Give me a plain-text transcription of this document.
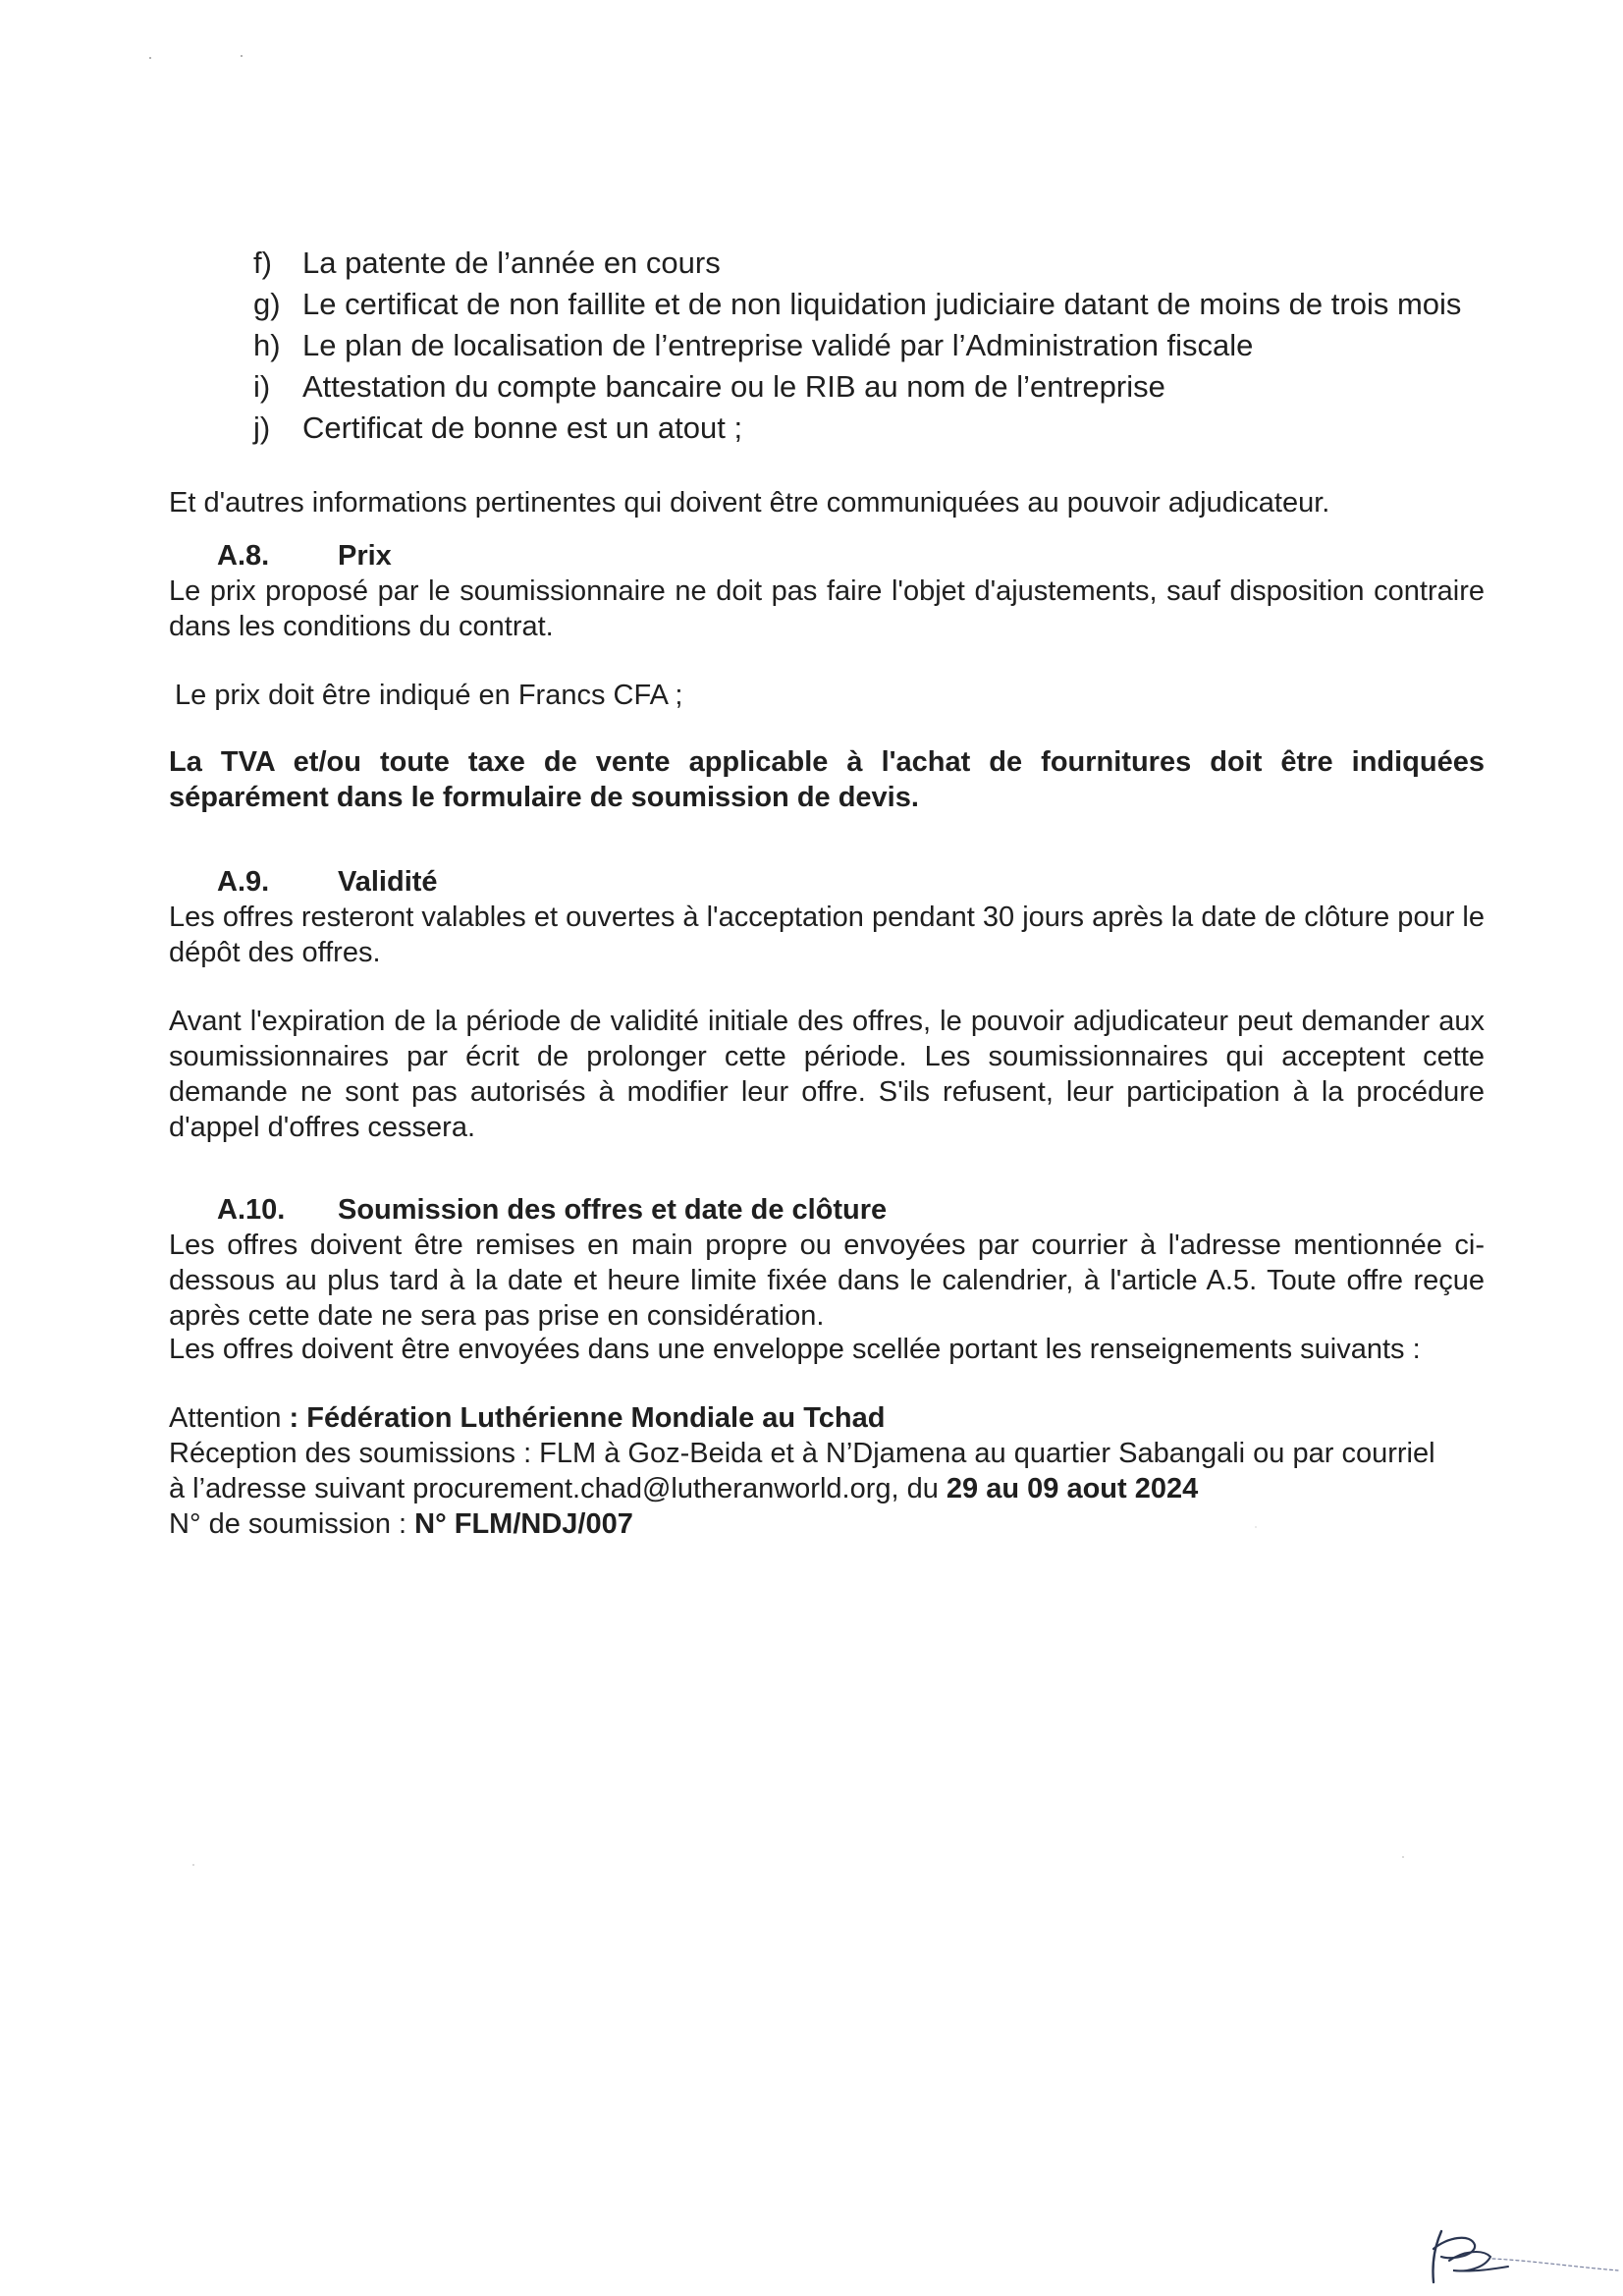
f) La patente de l’année en cours
g) Le certificat de non faillite et de non liquidation judiciaire datant de moins de trois mois
h) Le plan de localisation de l’entreprise validé par l’Administration fiscale
i) Attestation du compte bancaire ou le RIB au nom de l’entreprise
j) Certificat de bonne est un atout ;

Et d'autres informations pertinentes qui doivent être communiquées au pouvoir adjudicateur.

A.8. Prix

Le prix proposé par le soumissionnaire ne doit pas faire l'objet d'ajustements, sauf disposition contraire dans les conditions du contrat.

Le prix doit être indiqué en Francs CFA ;

La TVA et/ou toute taxe de vente applicable à l'achat de fournitures doit être indiquées séparément dans le formulaire de soumission de devis.

A.9. Validité

Les offres resteront valables et ouvertes à l'acceptation pendant 30 jours après la date de clôture pour le dépôt des offres.

Avant l'expiration de la période de validité initiale des offres, le pouvoir adjudicateur peut demander aux soumissionnaires par écrit de prolonger cette période. Les soumissionnaires qui acceptent cette demande ne sont pas autorisés à modifier leur offre. S'ils refusent, leur participation à la procédure d'appel d'offres cessera.

A.10. Soumission des offres et date de clôture

Les offres doivent être remises en main propre ou envoyées par courrier à l'adresse mentionnée ci-dessous au plus tard à la date et heure limite fixée dans le calendrier, à l'article A.5. Toute offre reçue après cette date ne sera pas prise en considération.

Les offres doivent être envoyées dans une enveloppe scellée portant les renseignements suivants :

Attention : Fédération Luthérienne Mondiale au Tchad

Réception des soumissions : FLM à Goz-Beida et à N’Djamena au quartier Sabangali ou par courriel à l’adresse suivant procurement.chad@lutheranworld.org, du 29 au 09 aout 2024

N° de soumission : N° FLM/NDJ/007
